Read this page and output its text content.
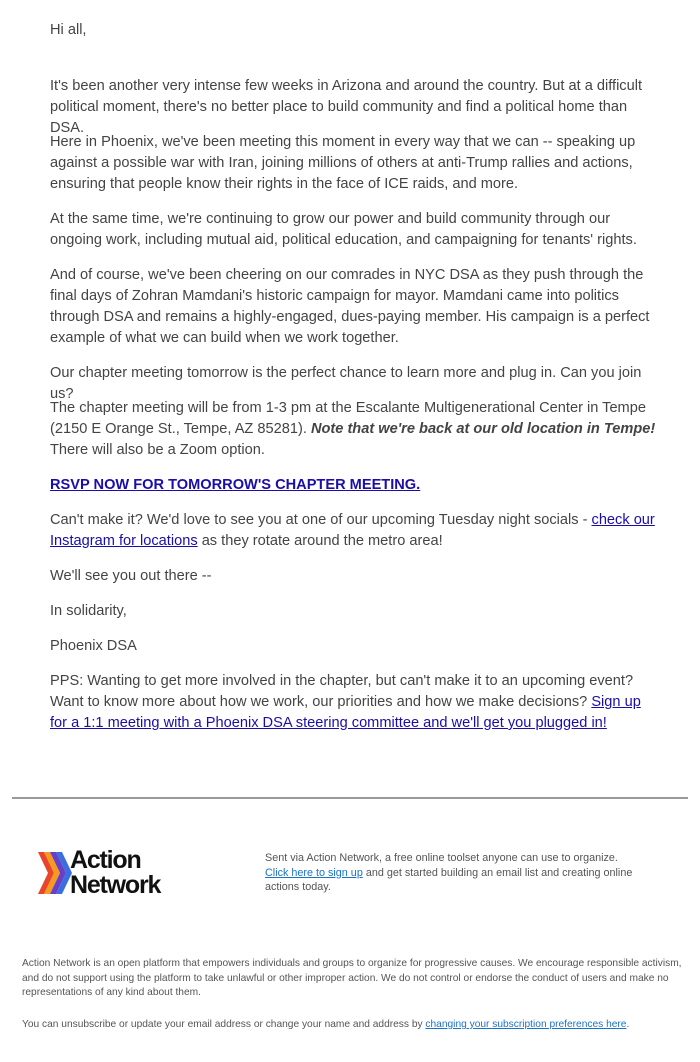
Hi all,

It's been another very intense few weeks in Arizona and around the country. But at a difficult political moment, there's no better place to build community and find a political home than DSA.

Here in Phoenix, we've been meeting this moment in every way that we can -- speaking up against a possible war with Iran, joining millions of others at anti-Trump rallies and actions, ensuring that people know their rights in the face of ICE raids, and more.

At the same time, we're continuing to grow our power and build community through our ongoing work, including mutual aid, political education, and campaigning for tenants' rights.

And of course, we've been cheering on our comrades in NYC DSA as they push through the final days of Zohran Mamdani's historic campaign for mayor. Mamdani came into politics through DSA and remains a highly-engaged, dues-paying member. His campaign is a perfect example of what we can build when we work together.

Our chapter meeting tomorrow is the perfect chance to learn more and plug in. Can you join us?

The chapter meeting will be from 1-3 pm at the Escalante Multigenerational Center in Tempe (2150 E Orange St., Tempe, AZ 85281). Note that we're back at our old location in Tempe! There will also be a Zoom option.

RSVP NOW FOR TOMORROW'S CHAPTER MEETING.

Can't make it? We'd love to see you at one of our upcoming Tuesday night socials - check our Instagram for locations as they rotate around the metro area!

We'll see you out there --

In solidarity,

Phoenix DSA

PPS: Wanting to get more involved in the chapter, but can't make it to an upcoming event? Want to know more about how we work, our priorities and how we make decisions? Sign up for a 1:1 meeting with a Phoenix DSA steering committee and we'll get you plugged in!

Action
Network
Sent via Action Network, a free online toolset anyone can use to organize.
Click here to sign up and get started building an email list and creating online actions today.
Action Network is an open platform that empowers individuals and groups to organize for progressive causes. We encourage responsible activism, and do not support using the platform to take unlawful or other improper action. We do not control or endorse the conduct of users and make no representations of any kind about them.
You can unsubscribe or update your email address or change your name and address by changing your subscription preferences here.
